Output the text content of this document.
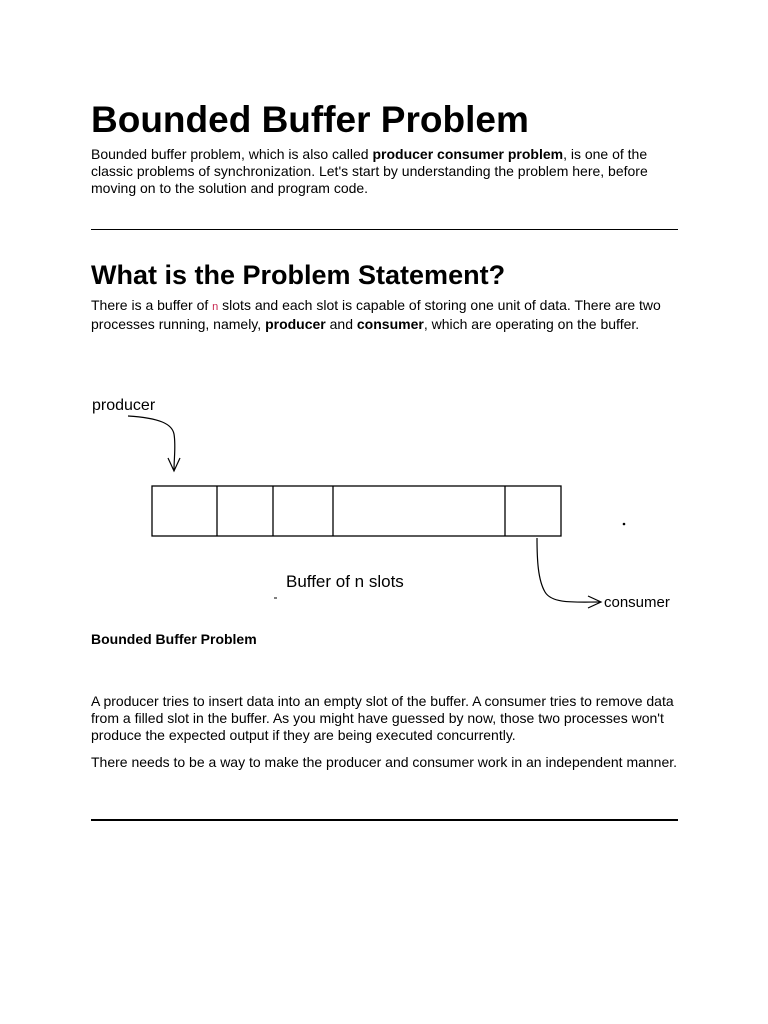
Bounded Buffer Problem

Bounded buffer problem, which is also called producer consumer problem, is one of the classic problems of synchronization. Let's start by understanding the problem here, before moving on to the solution and program code.

What is the Problem Statement?

There is a buffer of n slots and each slot is capable of storing one unit of data. There are two processes running, namely, producer and consumer, which are operating on the buffer.

Bounded Buffer Problem

A producer tries to insert data into an empty slot of the buffer. A consumer tries to remove data from a filled slot in the buffer. As you might have guessed by now, those two processes won't produce the expected output if they are being executed concurrently.

There needs to be a way to make the producer and consumer work in an independent manner.

producer
Buffer of n slots
consumer
